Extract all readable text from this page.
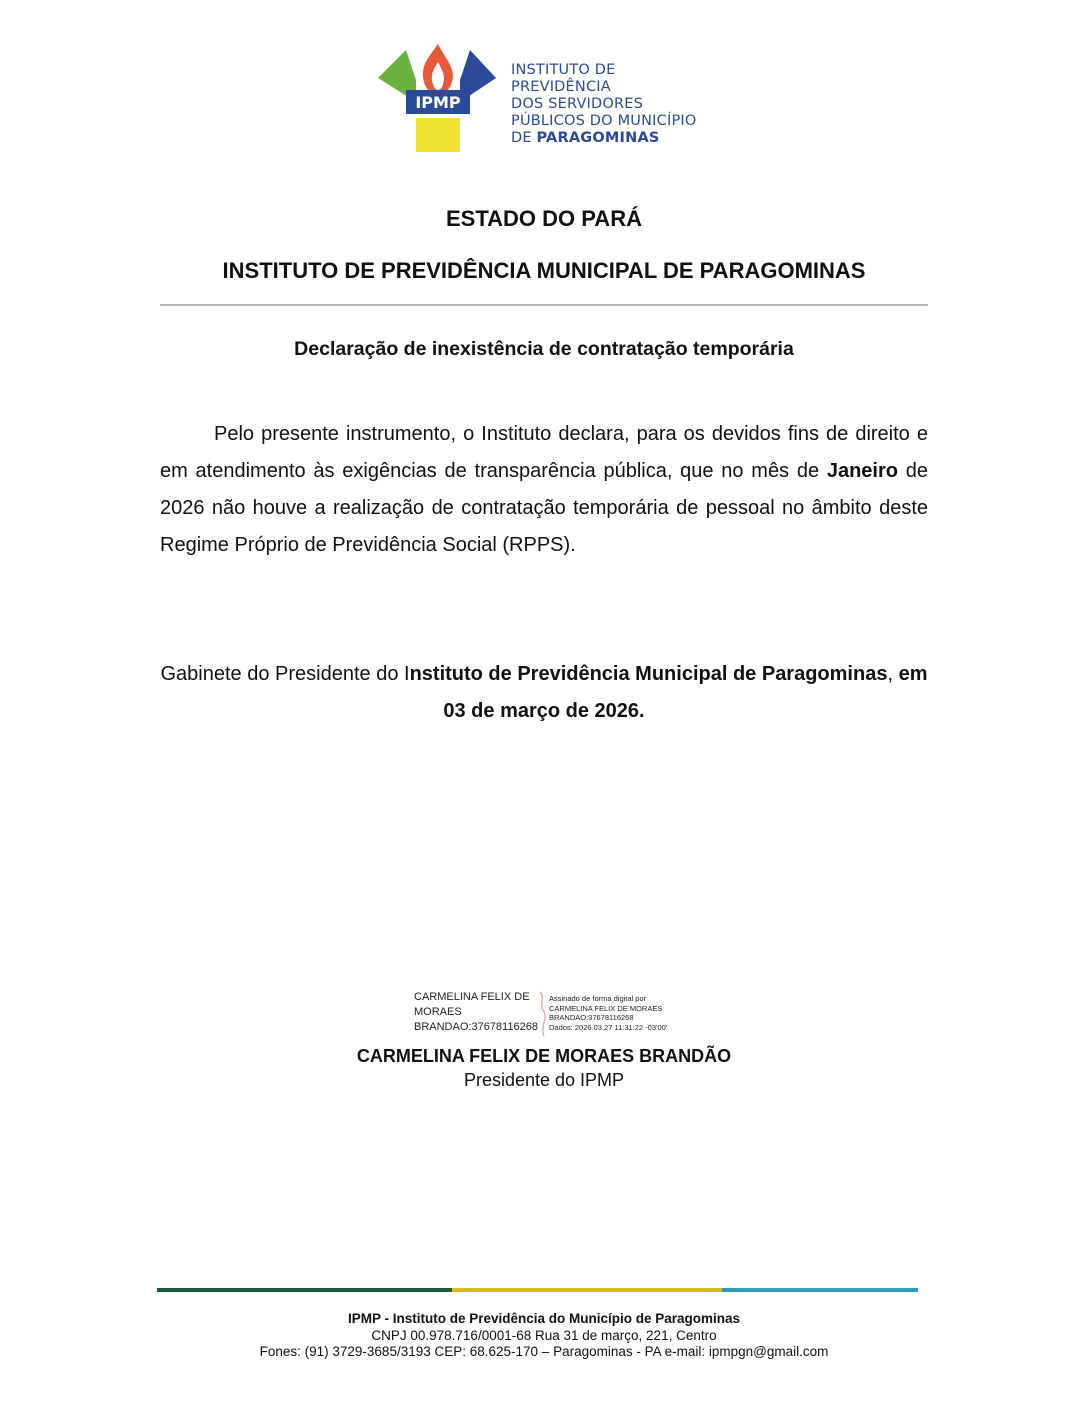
IPMP
INSTITUTO DE PREVIDÊNCIA
DOS SERVIDORES
PÚBLICOS DO MUNICÍPIO
DE PARAGOMINAS
ESTADO DO PARÁ
INSTITUTO DE PREVIDÊNCIA MUNICIPAL DE PARAGOMINAS
Declaração de inexistência de contratação temporária
Pelo presente instrumento, o Instituto declara, para os devidos fins de direito e em atendimento às exigências de transparência pública, que no mês de Janeiro de 2026 não houve a realização de contratação temporária de pessoal no âmbito deste Regime Próprio de Previdência Social (RPPS).
Gabinete do Presidente do Instituto de Previdência Municipal de Paragominas, em 03 de março de 2026.
CARMELINA FELIX DE
MORAES
BRANDAO:37678116268
Assinado de forma digital por
CARMELINA FELIX DE MORAES
BRANDAO:37678116268
Dados: 2026.03.27 11:31:22 -03'00'
CARMELINA FELIX DE MORAES BRANDÃO
Presidente do IPMP
IPMP - Instituto de Previdência do Município de Paragominas
CNPJ 00.978.716/0001-68 Rua 31 de março, 221, Centro
Fones: (91) 3729-3685/3193 CEP: 68.625-170 – Paragominas - PA e-mail: ipmpgn@gmail.com
